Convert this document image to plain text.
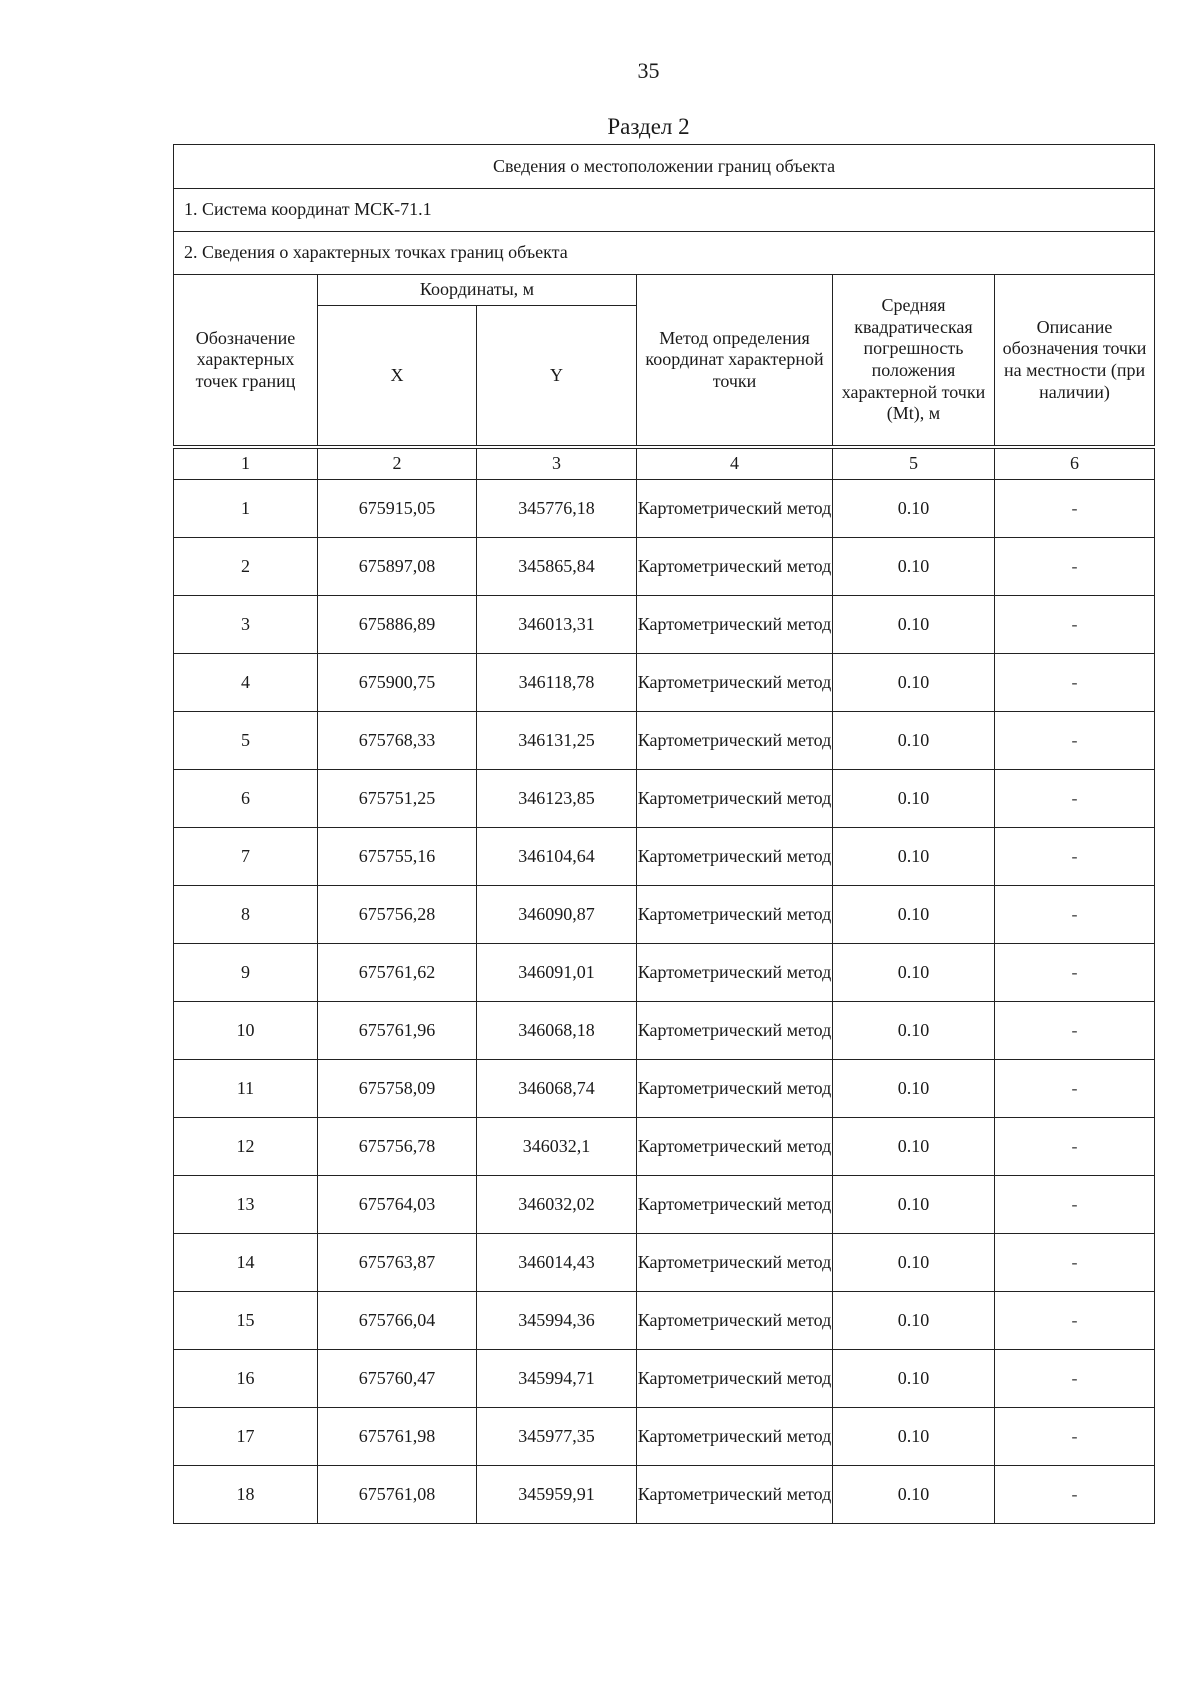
35
Раздел 2
Сведения о местоположении границ объекта					
1. Система координат МСК-71.1					
2. Сведения о характерных точках границ объекта					
Обозначение характерных точек границ	Координаты, м		Метод определения координат характерной точки	Средняя квадратическая погрешность положения характерной точки (Mt), м	Описание обозначения точки на местности (при наличии)
	X	Y			

1	2	3	4	5	6
1	675915,05	345776,18	Картометрический метод	0.10	-
2	675897,08	345865,84	Картометрический метод	0.10	-
3	675886,89	346013,31	Картометрический метод	0.10	-
4	675900,75	346118,78	Картометрический метод	0.10	-
5	675768,33	346131,25	Картометрический метод	0.10	-
6	675751,25	346123,85	Картометрический метод	0.10	-
7	675755,16	346104,64	Картометрический метод	0.10	-
8	675756,28	346090,87	Картометрический метод	0.10	-
9	675761,62	346091,01	Картометрический метод	0.10	-
10	675761,96	346068,18	Картометрический метод	0.10	-
11	675758,09	346068,74	Картометрический метод	0.10	-
12	675756,78	346032,1	Картометрический метод	0.10	-
13	675764,03	346032,02	Картометрический метод	0.10	-
14	675763,87	346014,43	Картометрический метод	0.10	-
15	675766,04	345994,36	Картометрический метод	0.10	-
16	675760,47	345994,71	Картометрический метод	0.10	-
17	675761,98	345977,35	Картометрический метод	0.10	-
18	675761,08	345959,91	Картометрический метод	0.10	-
